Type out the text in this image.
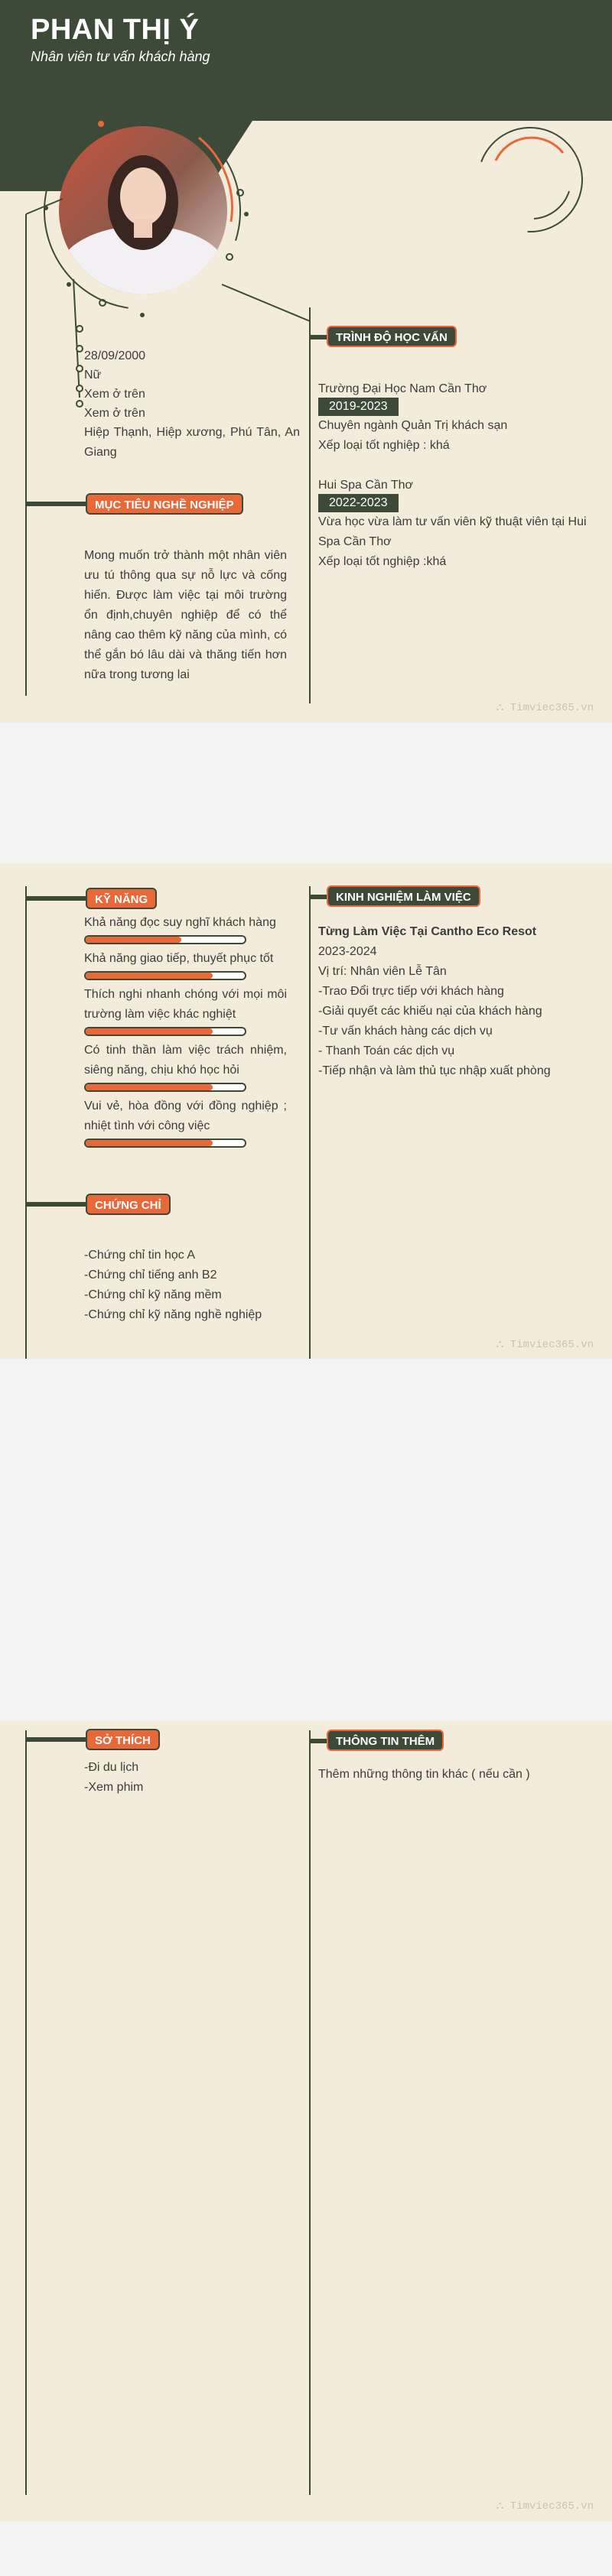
PHAN THỊ Ý
Nhân viên tư vấn khách hàng
28/09/2000
Nữ
Xem ở trên
Xem ở trên
Hiệp Thạnh, Hiệp xương, Phú Tân, An Giang
MỤC TIÊU NGHỀ NGHIỆP
Mong muốn trở thành một nhân viên ưu tú thông qua sự nỗ lực và cống hiến. Được làm việc tại môi trường ổn định,chuyên nghiệp để có thể nâng cao thêm kỹ năng của mình, có thể gắn bó lâu dài và thăng tiến hơn nữa trong tương lai
TRÌNH ĐỘ HỌC VẤN
Trường Đại Học Nam Cần Thơ
2019-2023
Chuyên ngành Quản Trị khách sạn
Xếp loại tốt nghiệp : khá
Hui Spa Cần Thơ
2022-2023
Vừa học vừa làm tư vấn viên kỹ thuật viên tại Hui Spa Cần Thơ
Xếp loại tốt nghiệp :khá
⛬ Timviec365.vn
KỸ NĂNG
Khả năng đọc suy nghĩ khách hàng
Khả năng giao tiếp, thuyết phục tốt
Thích nghi nhanh chóng với mọi môi trường làm việc khác nghiệt
Có tinh thần làm việc trách nhiệm, siêng năng, chịu khó học hỏi
Vui vẻ, hòa đồng với đồng nghiệp ; nhiệt tình với công việc
CHỨNG CHỈ
-Chứng chỉ tin học A
-Chứng chỉ tiếng anh B2
-Chứng chỉ kỹ năng mềm
-Chứng chỉ kỹ năng nghề nghiệp
KINH NGHIỆM LÀM VIỆC
Từng Làm Việc Tại Cantho Eco Resot
2023-2024
Vị trí: Nhân viên Lễ Tân
-Trao Đổi trực tiếp với khách hàng
-Giải quyết các khiếu nại của khách hàng
-Tư vấn khách hàng các dịch vụ
- Thanh Toán các dịch vụ
-Tiếp nhận và làm thủ tục nhập xuất phòng
⛬ Timviec365.vn
SỞ THÍCH
-Đi du lịch
-Xem phim
THÔNG TIN THÊM
Thêm những thông tin khác ( nếu cần )
⛬ Timviec365.vn
